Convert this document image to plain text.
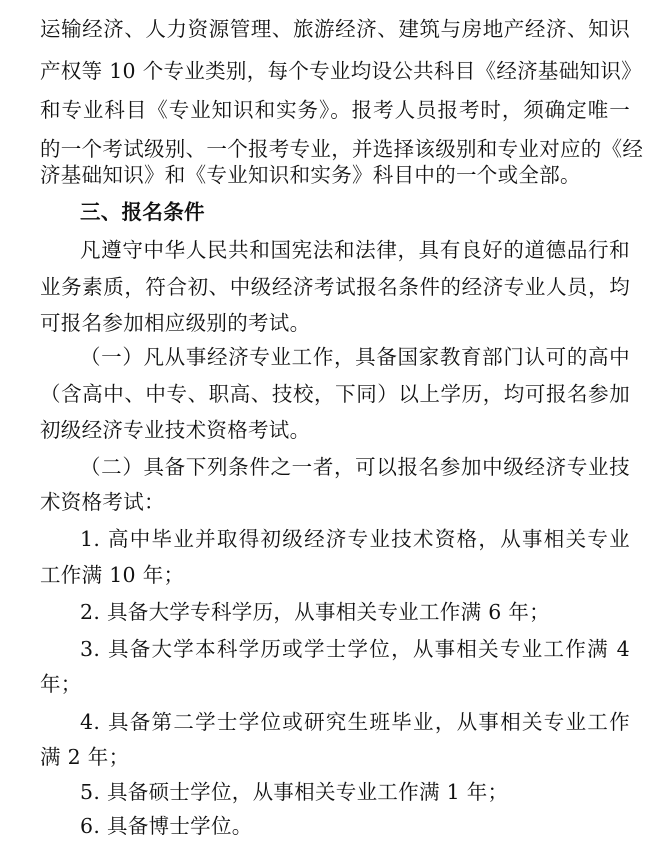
运输经济、人力资源管理、旅游经济、建筑与房地产经济、知识
产权等 10 个专业类别，每个专业均设公共科目《经济基础知识》
和专业科目《专业知识和实务》。报考人员报考时，须确定唯一
的一个考试级别、一个报考专业，并选择该级别和专业对应的《经
济基础知识》和《专业知识和实务》科目中的一个或全部。
三、报名条件
凡遵守中华人民共和国宪法和法律，具有良好的道德品行和
业务素质，符合初、中级经济考试报名条件的经济专业人员，均
可报名参加相应级别的考试。
（一）凡从事经济专业工作，具备国家教育部门认可的高中
（含高中、中专、职高、技校，下同）以上学历，均可报名参加
初级经济专业技术资格考试。
（二）具备下列条件之一者，可以报名参加中级经济专业技
术资格考试：
1. 高中毕业并取得初级经济专业技术资格，从事相关专业
工作满 10 年；
2. 具备大学专科学历，从事相关专业工作满 6 年；
3. 具备大学本科学历或学士学位，从事相关专业工作满 4
年；
4. 具备第二学士学位或研究生班毕业，从事相关专业工作
满 2 年；
5. 具备硕士学位，从事相关专业工作满 1 年；
6. 具备博士学位。
